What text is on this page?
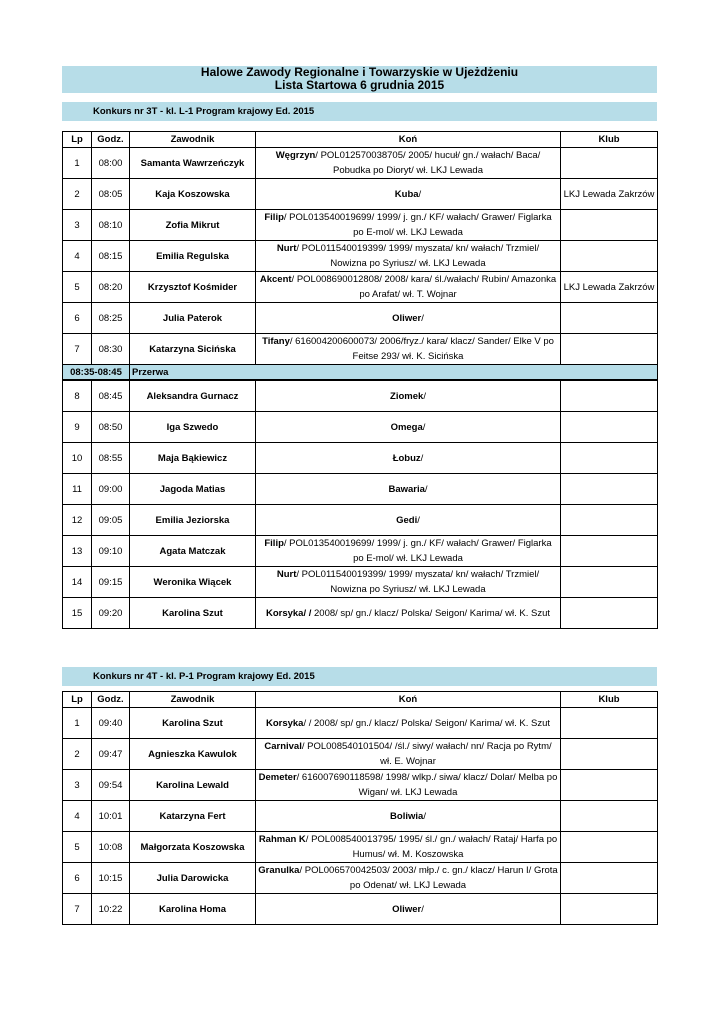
Halowe Zawody Regionalne i Towarzyskie w Ujeżdżeniu
Lista Startowa 6 grudnia 2015
Konkurs nr 3T - kl. L-1 Program krajowy Ed. 2015
Lp	Godz.	Zawodnik	Koń	Klub
1	08:00	Samanta Wawrzeńczyk	Węgrzyn/ POL012570038705/ 2005/ hucuł/ gn./ wałach/ Baca/ Pobudka po Dioryt/ wł. LKJ Lewada	
2	08:05	Kaja Koszowska	Kuba/	LKJ Lewada Zakrzów
3	08:10	Zofia Mikrut	Filip/ POL013540019699/ 1999/ j. gn./ KF/ wałach/ Grawer/ Figlarka po E-mol/ wł. LKJ Lewada	
4	08:15	Emilia Regulska	Nurt/ POL011540019399/ 1999/ myszata/ kn/ wałach/ Trzmiel/ Nowizna po Syriusz/ wł. LKJ Lewada	
5	08:20	Krzysztof Kośmider	Akcent/ POL008690012808/ 2008/ kara/ śl./wałach/ Rubin/ Amazonka po Arafat/ wł. T. Wojnar	LKJ Lewada Zakrzów
6	08:25	Julia Paterok	Oliwer/	
7	08:30	Katarzyna Sicińska	Tifany/ 616004200600073/ 2006/fryz./ kara/ klacz/ Sander/ Elke V po Feitse 293/ wł. K. Sicińska	
08:35-08:45		Przerwa		
8	08:45	Aleksandra Gurnacz	Ziomek/	
9	08:50	Iga Szwedo	Omega/	
10	08:55	Maja Bąkiewicz	Łobuz/	
11	09:00	Jagoda Matias	Bawaria/	
12	09:05	Emilia Jeziorska	Gedi/	
13	09:10	Agata Matczak	Filip/ POL013540019699/ 1999/ j. gn./ KF/ wałach/ Grawer/ Figlarka po E-mol/ wł. LKJ Lewada	
14	09:15	Weronika Wiącek	Nurt/ POL011540019399/ 1999/ myszata/ kn/ wałach/ Trzmiel/ Nowizna po Syriusz/ wł. LKJ Lewada	
15	09:20	Karolina Szut	Korsyka/ / 2008/ sp/ gn./ klacz/ Polska/ Seigon/ Karima/ wł. K. Szut	
Konkurs nr 4T - kl. P-1 Program krajowy Ed. 2015
Lp	Godz.	Zawodnik	Koń	Klub
1	09:40	Karolina Szut	Korsyka/ / 2008/ sp/ gn./ klacz/ Polska/ Seigon/ Karima/ wł. K. Szut	
2	09:47	Agnieszka Kawulok	Carnival/ POL008540101504/ /śl./ siwy/ wałach/ nn/ Racja po Rytm/ wł. E. Wojnar	
3	09:54	Karolina Lewald	Demeter/ 616007690118598/ 1998/ wlkp./ siwa/ klacz/ Dolar/ Melba po Wigan/ wł. LKJ Lewada	
4	10:01	Katarzyna Fert	Boliwia/	
5	10:08	Małgorzata Koszowska	Rahman K/ POL008540013795/ 1995/ śl./ gn./ wałach/ Rataj/ Harfa po Humus/ wł. M. Koszowska	
6	10:15	Julia Darowicka	Granulka/ POL006570042503/ 2003/ młp./ c. gn./ klacz/ Harun I/ Grota po Odenat/ wł. LKJ Lewada	
7	10:22	Karolina Homa	Oliwer/	
